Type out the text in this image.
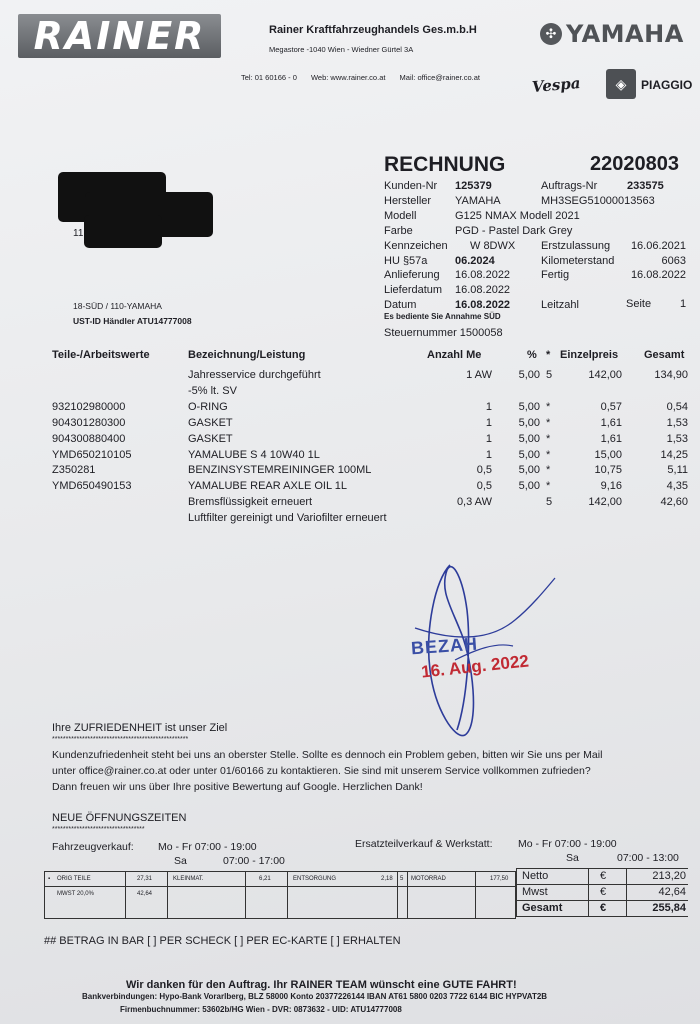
RAINER	Rainer Kraftfahrzeughandels Ges.m.b.H
Megastore -1040 Wien - Wiedner Gürtel 3A
Tel: 01 60166 - 0 Web: www.rainer.co.at Mail: office@rainer.co.at
✣ YAMAHA
Vespa	◈	PIAGGIO
11
18-SÜD / 110-YAMAHA
UST-ID Händler ATU14777008
RECHNUNG	22020803
Kunden-Nr 125379
Hersteller YAMAHA
Modell	G125 NMAX Modell 2021
Farbe	PGD - Pastel Dark Grey
Kennzeichen W 8DWX
HU §57a	06.2024
Anlieferung 16.08.2022
Lieferdatum 16.08.2022
Datum	16.08.2022
Auftrags-Nr	233575
MH3SEG51000013563
Erstzulassung 16.06.2021
Kilometerstand	6063
Fertig	16.08.2022
Leitzahl	Seite	1
Es bediente Sie Annahme SÜD
Steuernummer 1500058
Teile-/Arbeitswerte	Bezeichnung/Leistung	Anzahl Me	% * Einzelpreis Gesamt
Jahresservice durchgeführt	1 AW 5,00 5	142,00	134,90
-5% lt. SV
932102980000	O-RING	1 5,00 *	0,57	0,54
904301280300	GASKET	1 5,00 *	1,61	1,53
904300880400	GASKET	1 5,00 *	1,61	1,53
YMD650210105	YAMALUBE S 4 10W40 1L	1 5,00 *	15,00	14,25
Z350281	BENZINSYSTEMREININGER 100ML	0,5 5,00 *	10,75	5,11
YMD650490153	YAMALUBE REAR AXLE OIL 1L	0,5 5,00 *	9,16	4,35
Bremsflüssigkeit erneuert	0,3 AW	5	142,00	42,60
Luftfilter gereinigt und Variofilter erneuert
BEZAH
16. Aug. 2022
Ihre ZUFRIEDENHEIT ist unser Ziel
**************************************************
Kundenzufriedenheit steht bei uns an oberster Stelle. Sollte es dennoch ein Problem geben, bitten wir Sie uns per Mail
unter office@rainer.co.at oder unter 01/60166 zu kontaktieren. Sie sind mit unserem Service vollkommen zufrieden?
Dann freuen wir uns über Ihre positive Bewertung auf Google. Herzlichen Dank!
NEUE ÖFFNUNGSZEITEN
**********************************
Fahrzeugverkauf: Mo - Fr 07:00 - 19:00
Sa	07:00 - 17:00
Ersatzteilverkauf & Werkstatt: Mo - Fr 07:00 - 19:00
Sa	07:00 - 13:00
▪ ORIG TEILE	27,31	KLEINMAT.	6,21	ENTSORGUNG	2,18 5 MOTORRAD	177,50
MWST 20,0%	42,64
Netto	€	213,20
Mwst	€	42,64
Gesamt	€	255,84
## BETRAG IN BAR [ ] PER SCHECK [ ] PER EC-KARTE [ ] ERHALTEN
Wir danken für den Auftrag. Ihr RAINER TEAM wünscht eine GUTE FAHRT!
Bankverbindungen: Hypo-Bank Vorarlberg, BLZ 58000 Konto 20377226144 IBAN AT61 5800 0203 7722 6144 BIC HYPVAT2B
Firmenbuchnummer: 53602b/HG Wien - DVR: 0873632 - UID: ATU14777008
